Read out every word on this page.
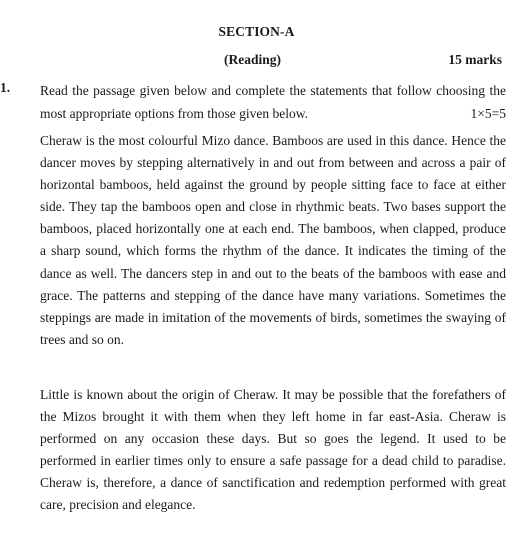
SECTION-A
(Reading)	15 marks
1. Read the passage given below and complete the statements that follow choosing the most appropriate options from those given below.	1×5=5

Cheraw is the most colourful Mizo dance. Bamboos are used in this dance. Hence the dancer moves by stepping alternatively in and out from between and across a pair of horizontal bamboos, held against the ground by people sitting face to face at either side. They tap the bamboos open and close in rhythmic beats. Two bases support the bamboos, placed horizontally one at each end. The bamboos, when clapped, produce a sharp sound, which forms the rhythm of the dance. It indicates the timing of the dance as well. The dancers step in and out to the beats of the bamboos with ease and grace. The patterns and stepping of the dance have many variations. Sometimes the steppings are made in imitation of the movements of birds, sometimes the swaying of trees and so on.

Little is known about the origin of Cheraw. It may be possible that the forefathers of the Mizos brought it with them when they left home in far east-Asia. Cheraw is performed on any occasion these days. But so goes the legend. It used to be performed in earlier times only to ensure a safe passage for a dead child to paradise. Cheraw is, therefore, a dance of sanctification and redemption performed with great care, precision and elegance.
